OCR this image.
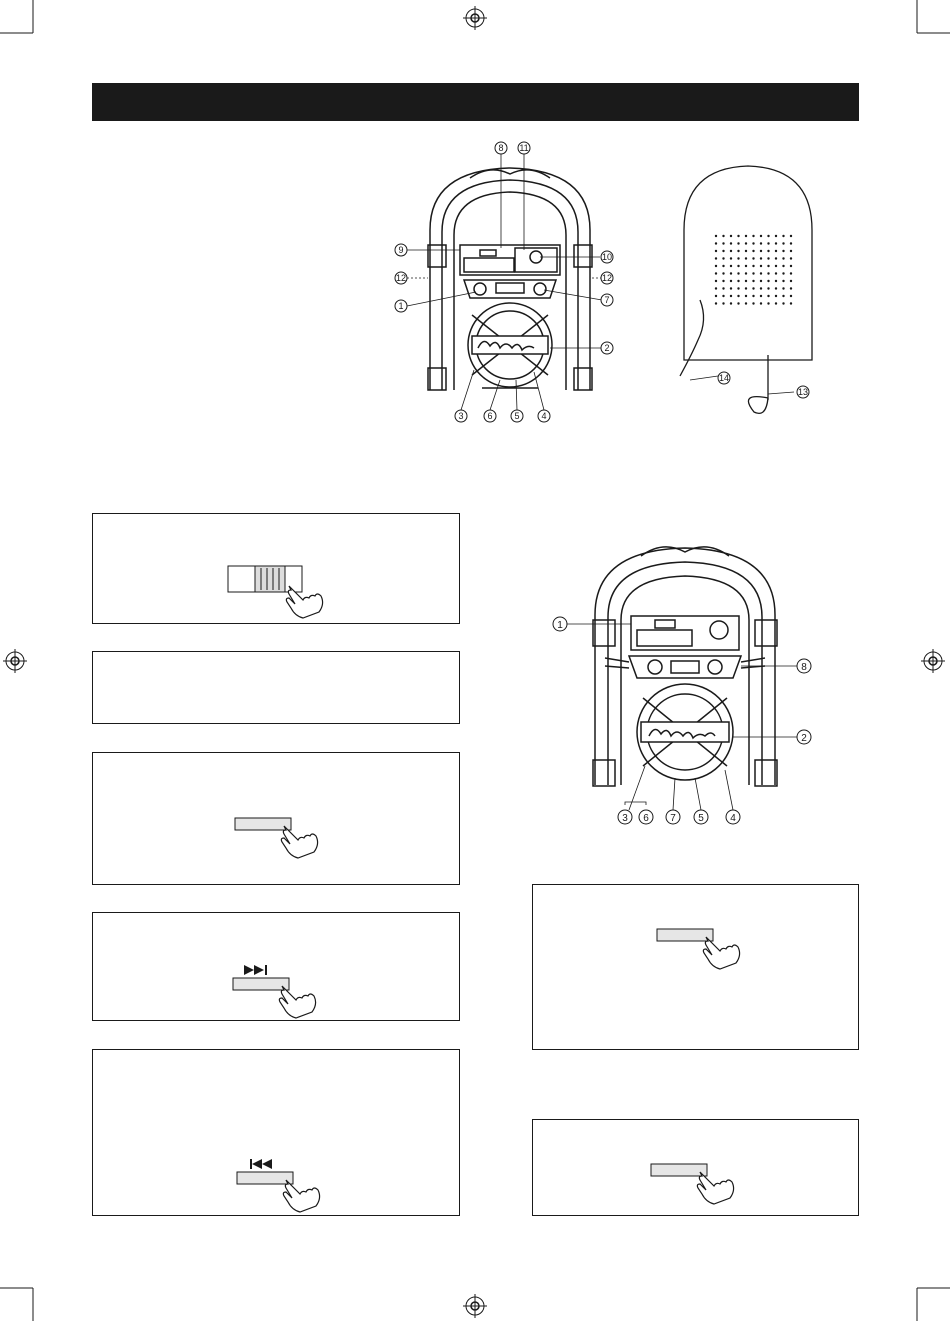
8 11
9
10
12	12
1
7
2
3	6 5 4
14
13
1
8
2
3 6 7 5	4
